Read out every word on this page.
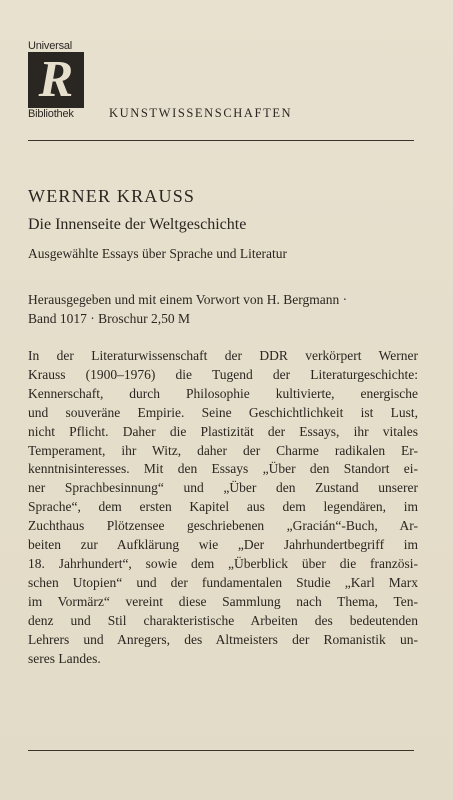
Universal
R
Bibliothek	KUNSTWISSENSCHAFTEN
WERNER KRAUSS
Die Innenseite der Weltgeschichte
Ausgewählte Essays über Sprache und Literatur
Herausgegeben und mit einem Vorwort von H. Bergmann ·
Band 1017 · Broschur 2,50 M
In der Literaturwissenschaft der DDR verkörpert Werner
Krauss (1900–1976) die Tugend der Literaturgeschichte:
Kennerschaft, durch Philosophie kultivierte, energische
und souveräne Empirie. Seine Geschichtlichkeit ist Lust,
nicht Pflicht. Daher die Plastizität der Essays, ihr vitales
Temperament, ihr Witz, daher der Charme radikalen Er-
kenntnisinteresses. Mit den Essays „Über den Standort ei-
ner Sprachbesinnung“ und „Über den Zustand unserer
Sprache“, dem ersten Kapitel aus dem legendären, im
Zuchthaus Plötzensee geschriebenen „Gracián“-Buch, Ar-
beiten zur Aufklärung wie „Der Jahrhundertbegriff im
18. Jahrhundert“, sowie dem „Überblick über die französi-
schen Utopien“ und der fundamentalen Studie „Karl Marx
im Vormärz“ vereint diese Sammlung nach Thema, Ten-
denz und Stil charakteristische Arbeiten des bedeutenden
Lehrers und Anregers, des Altmeisters der Romanistik un-
seres Landes.
